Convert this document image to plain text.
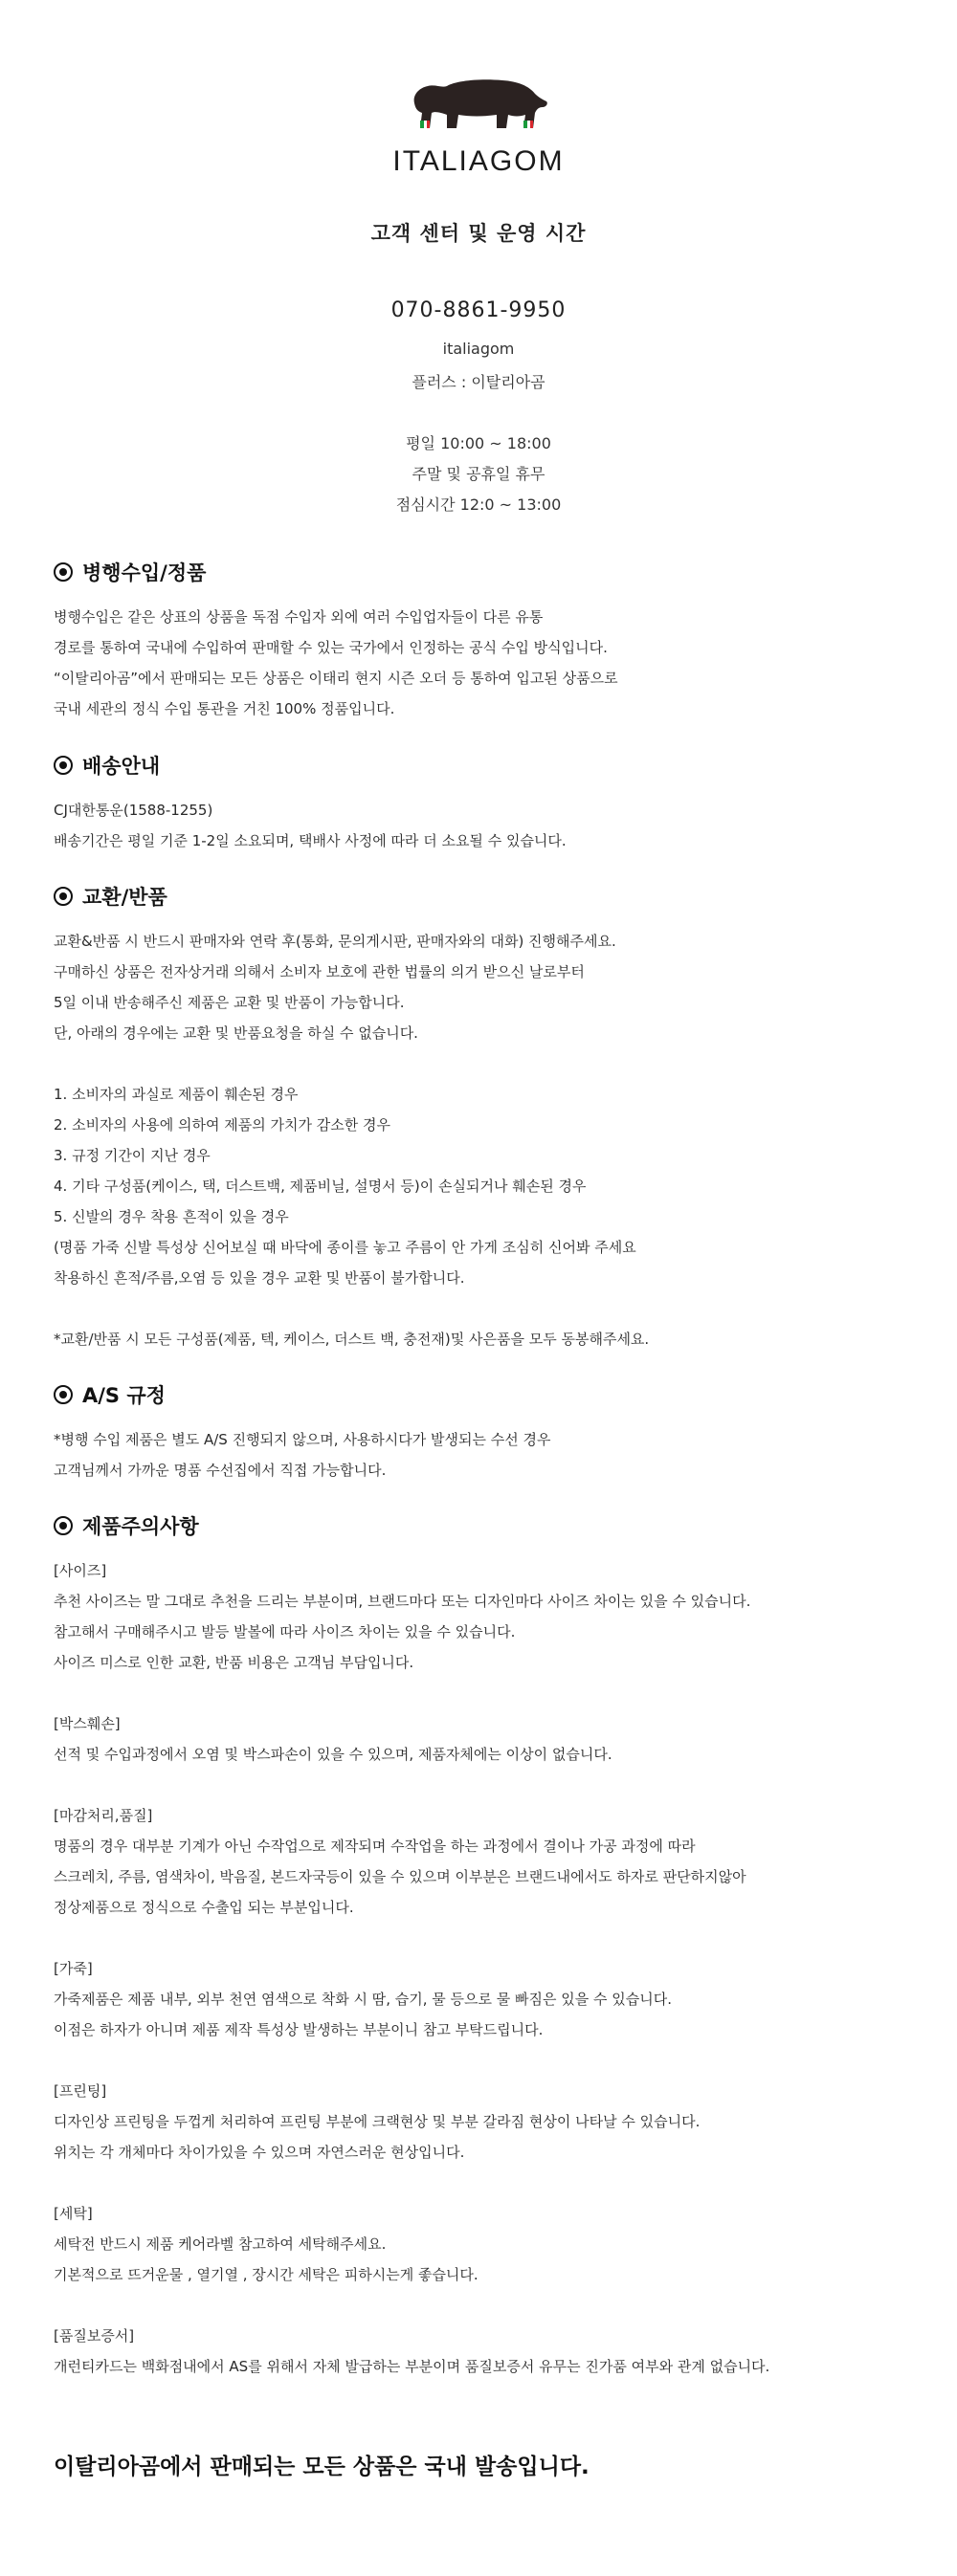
ITALIAGOM
고객 센터 및 운영 시간
070-8861-9950
italiagom
플러스 : 이탈리아곰
평일 10:00 ~ 18:00
주말 및 공휴일 휴무
점심시간 12:0 ~ 13:00
병행수입/정품
병행수입은 같은 상표의 상품을 독점 수입자 외에 여러 수입업자들이 다른 유통
경로를 통하여 국내에 수입하여 판매할 수 있는 국가에서 인정하는 공식 수입 방식입니다.
“이탈리아곰”에서 판매되는 모든 상품은 이태리 현지 시즌 오더 등 통하여 입고된 상품으로
국내 세관의 정식 수입 통관을 거친 100% 정품입니다.
배송안내
CJ대한통운(1588-1255)
배송기간은 평일 기준 1-2일 소요되며, 택배사 사정에 따라 더 소요될 수 있습니다.
교환/반품
교환&반품 시 반드시 판매자와 연락 후(통화, 문의게시판, 판매자와의 대화) 진행해주세요.
구매하신 상품은 전자상거래 의해서 소비자 보호에 관한 법률의 의거 받으신 날로부터
5일 이내 반송해주신 제품은 교환 및 반품이 가능합니다.
단, 아래의 경우에는 교환 및 반품요청을 하실 수 없습니다.
1. 소비자의 과실로 제품이 훼손된 경우
2. 소비자의 사용에 의하여 제품의 가치가 감소한 경우
3. 규정 기간이 지난 경우
4. 기타 구성품(케이스, 택, 더스트백, 제품비닐, 설명서 등)이 손실되거나 훼손된 경우
5. 신발의 경우 착용 흔적이 있을 경우
(명품 가죽 신발 특성상 신어보실 때 바닥에 종이를 놓고 주름이 안 가게 조심히 신어봐 주세요
착용하신 흔적/주름,오염 등 있을 경우 교환 및 반품이 불가합니다.
*교환/반품 시 모든 구성품(제품, 텍, 케이스, 더스트 백, 충전재)및 사은품을 모두 동봉해주세요.
A/S 규정
*병행 수입 제품은 별도 A/S 진행되지 않으며, 사용하시다가 발생되는 수선 경우
고객님께서 가까운 명품 수선집에서 직접 가능합니다.
제품주의사항
[사이즈]
추천 사이즈는 말 그대로 추천을 드리는 부분이며, 브랜드마다 또는 디자인마다 사이즈 차이는 있을 수 있습니다.
참고해서 구매해주시고 발등 발볼에 따라 사이즈 차이는 있을 수 있습니다.
사이즈 미스로 인한 교환, 반품 비용은 고객님 부담입니다.
[박스훼손]
선적 및 수입과정에서 오염 및 박스파손이 있을 수 있으며, 제품자체에는 이상이 없습니다.
[마감처리,품질]
명품의 경우 대부분 기계가 아닌 수작업으로 제작되며 수작업을 하는 과정에서 결이나 가공 과정에 따라
스크레치, 주름, 염색차이, 박음질, 본드자국등이 있을 수 있으며 이부분은 브랜드내에서도 하자로 판단하지않아
정상제품으로 정식으로 수출입 되는 부분입니다.
[가죽]
가죽제품은 제품 내부, 외부 천연 염색으로 착화 시 땀, 습기, 물 등으로 물 빠짐은 있을 수 있습니다.
이점은 하자가 아니며 제품 제작 특성상 발생하는 부분이니 참고 부탁드립니다.
[프린팅]
디자인상 프린팅을 두껍게 처리하여 프린팅 부분에 크랙현상 및 부분 갈라짐 현상이 나타날 수 있습니다.
위치는 각 개체마다 차이가있을 수 있으며 자연스러운 현상입니다.
[세탁]
세탁전 반드시 제품 케어라벨 참고하여 세탁해주세요.
기본적으로 뜨거운물 , 열기열 , 장시간 세탁은 피하시는게 좋습니다.
[품질보증서]
개런티카드는 백화점내에서 AS를 위해서 자체 발급하는 부분이며 품질보증서 유무는 진가품 여부와 관계 없습니다.
이탈리아곰에서 판매되는 모든 상품은 국내 발송입니다.
